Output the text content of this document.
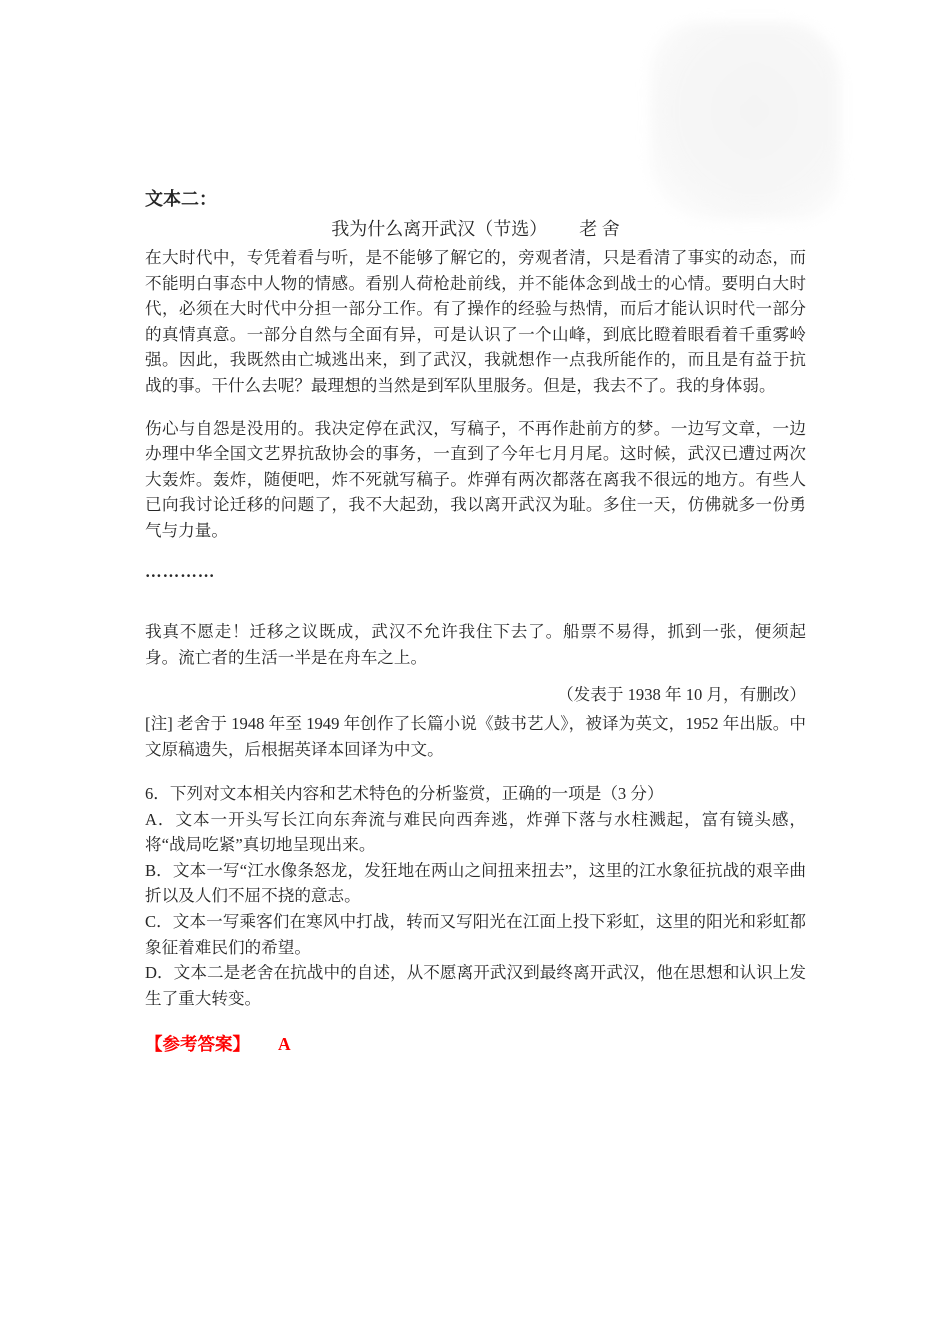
文本二：
我为什么离开武汉（节选） 老 舍

在大时代中，专凭着看与听，是不能够了解它的，旁观者清，只是看清了事实的动态，而不能明白事态中人物的情感。看别人荷枪赴前线，并不能体念到战士的心情。要明白大时代，必须在大时代中分担一部分工作。有了操作的经验与热情，而后才能认识时代一部分的真情真意。一部分自然与全面有异，可是认识了一个山峰，到底比瞪着眼看着千重雾岭强。因此，我既然由亡城逃出来，到了武汉，我就想作一点我所能作的，而且是有益于抗战的事。干什么去呢？最理想的当然是到军队里服务。但是，我去不了。我的身体弱。

伤心与自怨是没用的。我决定停在武汉，写稿子，不再作赴前方的梦。一边写文章，一边办理中华全国文艺界抗敌协会的事务，一直到了今年七月月尾。这时候，武汉已遭过两次大轰炸。轰炸，随便吧，炸不死就写稿子。炸弹有两次都落在离我不很远的地方。有些人已向我讨论迁移的问题了，我不大起劲，我以离开武汉为耻。多住一天，仿佛就多一份勇气与力量。

…………

我真不愿走！迁移之议既成，武汉不允许我住下去了。船票不易得，抓到一张，便须起身。流亡者的生活一半是在舟车之上。

（发表于 1938 年 10 月，有删改）

[注] 老舍于 1948 年至 1949 年创作了长篇小说《鼓书艺人》，被译为英文，1952 年出版。中文原稿遗失，后根据英译本回译为中文。

6．下列对文本相关内容和艺术特色的分析鉴赏，正确的一项是（3 分）

A．文本一开头写长江向东奔流与难民向西奔逃，炸弹下落与水柱溅起，富有镜头感，将“战局吃紧”真切地呈现出来。

B．文本一写“江水像条怒龙，发狂地在两山之间扭来扭去”，这里的江水象征抗战的艰辛曲折以及人们不屈不挠的意志。

C．文本一写乘客们在寒风中打战，转而又写阳光在江面上投下彩虹，这里的阳光和彩虹都象征着难民们的希望。

D．文本二是老舍在抗战中的自述，从不愿离开武汉到最终离开武汉，他在思想和认识上发生了重大转变。

【参考答案】 A
